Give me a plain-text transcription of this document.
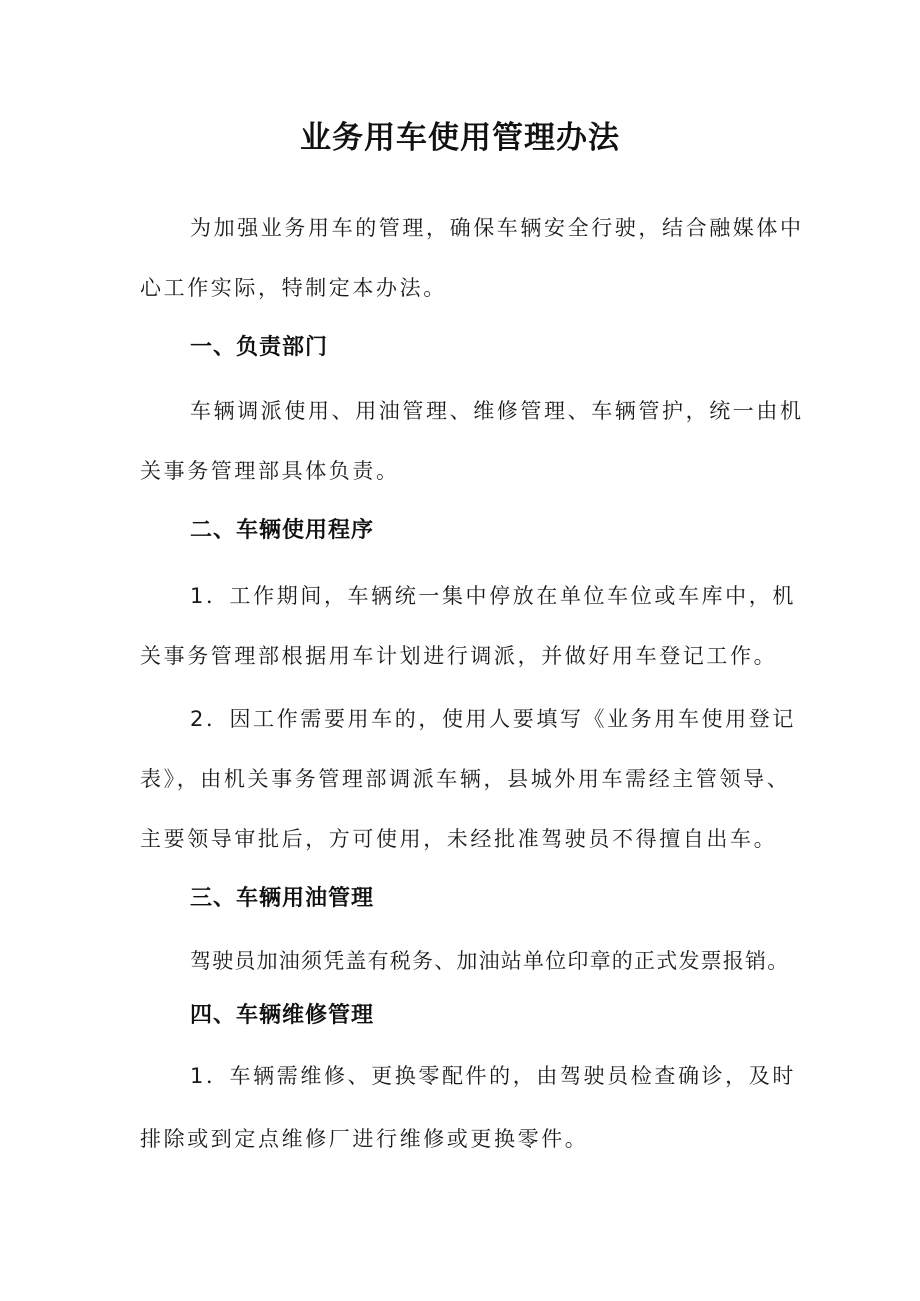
业务用车使用管理办法
为加强业务用车的管理，确保车辆安全行驶，结合融媒体中
心工作实际，特制定本办法。
一、负责部门
车辆调派使用、用油管理、维修管理、车辆管护，统一由机
关事务管理部具体负责。
二、车辆使用程序
1．工作期间，车辆统一集中停放在单位车位或车库中，机
关事务管理部根据用车计划进行调派，并做好用车登记工作。
2．因工作需要用车的，使用人要填写《业务用车使用登记
表》，由机关事务管理部调派车辆，县城外用车需经主管领导、
主要领导审批后，方可使用，未经批准驾驶员不得擅自出车。
三、车辆用油管理
驾驶员加油须凭盖有税务、加油站单位印章的正式发票报销。
四、车辆维修管理
1．车辆需维修、更换零配件的，由驾驶员检查确诊，及时
排除或到定点维修厂进行维修或更换零件。
